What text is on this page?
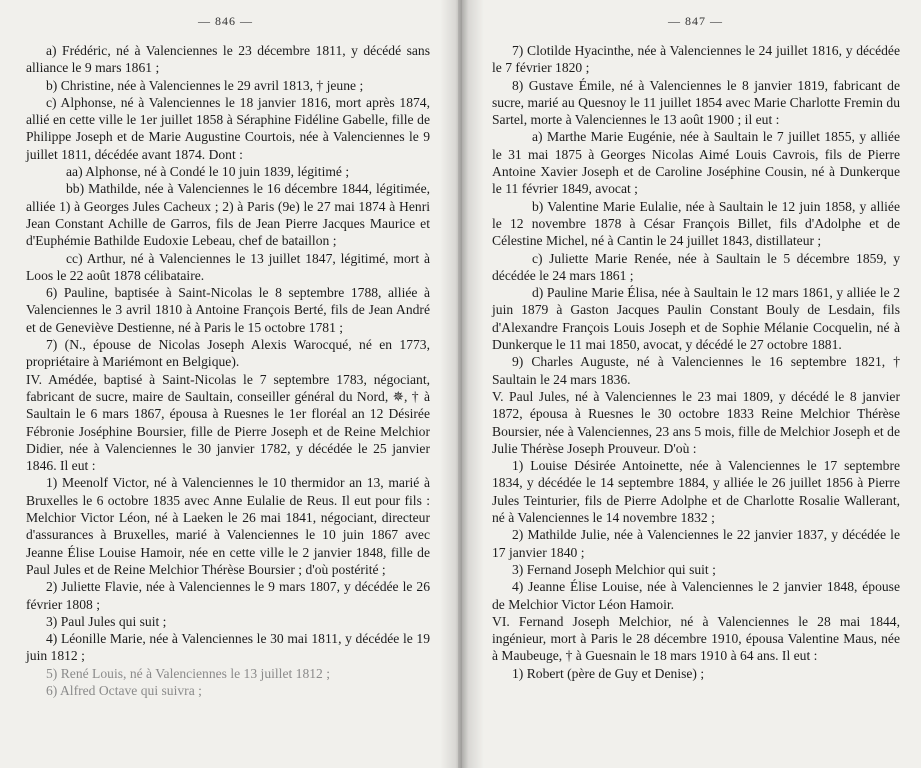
— 846 —

a) Frédéric, né à Valenciennes le 23 décembre 1811, y décédé sans alliance le 9 mars 1861 ;

b) Christine, née à Valenciennes le 29 avril 1813, † jeune ;

c) Alphonse, né à Valenciennes le 18 janvier 1816, mort après 1874, allié en cette ville le 1er juillet 1858 à Séraphine Fidéline Gabelle, fille de Philippe Joseph et de Marie Augustine Courtois, née à Valenciennes le 9 juillet 1811, décédée avant 1874. Dont :

aa) Alphonse, né à Condé le 10 juin 1839, légitimé ;

bb) Mathilde, née à Valenciennes le 16 décembre 1844, légitimée, alliée 1) à Georges Jules Cacheux ; 2) à Paris (9e) le 27 mai 1874 à Henri Jean Constant Achille de Garros, fils de Jean Pierre Jacques Maurice et d'Euphémie Bathilde Eudoxie Lebeau, chef de bataillon ;

cc) Arthur, né à Valenciennes le 13 juillet 1847, légitimé, mort à Loos le 22 août 1878 célibataire.

6) Pauline, baptisée à Saint-Nicolas le 8 septembre 1788, alliée à Valenciennes le 3 avril 1810 à Antoine François Berté, fils de Jean André et de Geneviève Destienne, né à Paris le 15 octobre 1781 ;

7) (N., épouse de Nicolas Joseph Alexis Warocqué, né en 1773, propriétaire à Mariémont en Belgique).

IV. Amédée, baptisé à Saint-Nicolas le 7 septembre 1783, négociant, fabricant de sucre, maire de Saultain, conseiller général du Nord, ✵, † à Saultain le 6 mars 1867, épousa à Ruesnes le 1er floréal an 12 Désirée Fébronie Joséphine Boursier, fille de Pierre Joseph et de Reine Melchior Didier, née à Valenciennes le 30 janvier 1782, y décédée le 25 janvier 1846. Il eut :

1) Meenolf Victor, né à Valenciennes le 10 thermidor an 13, marié à Bruxelles le 6 octobre 1835 avec Anne Eulalie de Reus. Il eut pour fils : Melchior Victor Léon, né à Laeken le 26 mai 1841, négociant, directeur d'assurances à Bruxelles, marié à Valenciennes le 10 juin 1867 avec Jeanne Élise Louise Hamoir, née en cette ville le 2 janvier 1848, fille de Paul Jules et de Reine Melchior Thérèse Boursier ; d'où postérité ;

2) Juliette Flavie, née à Valenciennes le 9 mars 1807, y décédée le 26 février 1808 ;

3) Paul Jules qui suit ;

4) Léonille Marie, née à Valenciennes le 30 mai 1811, y décédée le 19 juin 1812 ;

5) René Louis, né à Valenciennes le 13 juillet 1812 ;

6) Alfred Octave qui suivra ;

— 847 —

7) Clotilde Hyacinthe, née à Valenciennes le 24 juillet 1816, y décédée le 7 février 1820 ;

8) Gustave Émile, né à Valenciennes le 8 janvier 1819, fabricant de sucre, marié au Quesnoy le 11 juillet 1854 avec Marie Charlotte Fremin du Sartel, morte à Valenciennes le 13 août 1900 ; il eut :

a) Marthe Marie Eugénie, née à Saultain le 7 juillet 1855, y alliée le 31 mai 1875 à Georges Nicolas Aimé Louis Cavrois, fils de Pierre Antoine Xavier Joseph et de Caroline Joséphine Cousin, né à Dunkerque le 11 février 1849, avocat ;

b) Valentine Marie Eulalie, née à Saultain le 12 juin 1858, y alliée le 12 novembre 1878 à César François Billet, fils d'Adolphe et de Célestine Michel, né à Cantin le 24 juillet 1843, distillateur ;

c) Juliette Marie Renée, née à Saultain le 5 décembre 1859, y décédée le 24 mars 1861 ;

d) Pauline Marie Élisa, née à Saultain le 12 mars 1861, y alliée le 2 juin 1879 à Gaston Jacques Paulin Constant Bouly de Lesdain, fils d'Alexandre François Louis Joseph et de Sophie Mélanie Cocquelin, né à Dunkerque le 11 mai 1850, avocat, y décédé le 27 octobre 1881.

9) Charles Auguste, né à Valenciennes le 16 septembre 1821, † Saultain le 24 mars 1836.

V. Paul Jules, né à Valenciennes le 23 mai 1809, y décédé le 8 janvier 1872, épousa à Ruesnes le 30 octobre 1833 Reine Melchior Thérèse Boursier, née à Valenciennes, 23 ans 5 mois, fille de Melchior Joseph et de Julie Thérèse Joseph Prouveur. D'où :

1) Louise Désirée Antoinette, née à Valenciennes le 17 septembre 1834, y décédée le 14 septembre 1884, y alliée le 26 juillet 1856 à Pierre Jules Teinturier, fils de Pierre Adolphe et de Charlotte Rosalie Wallerant, né à Valenciennes le 14 novembre 1832 ;

2) Mathilde Julie, née à Valenciennes le 22 janvier 1837, y décédée le 17 janvier 1840 ;

3) Fernand Joseph Melchior qui suit ;

4) Jeanne Élise Louise, née à Valenciennes le 2 janvier 1848, épouse de Melchior Victor Léon Hamoir.

VI. Fernand Joseph Melchior, né à Valenciennes le 28 mai 1844, ingénieur, mort à Paris le 28 décembre 1910, épousa Valentine Maus, née à Maubeuge, † à Guesnain le 18 mars 1910 à 64 ans. Il eut :

1) Robert (père de Guy et Denise) ;
